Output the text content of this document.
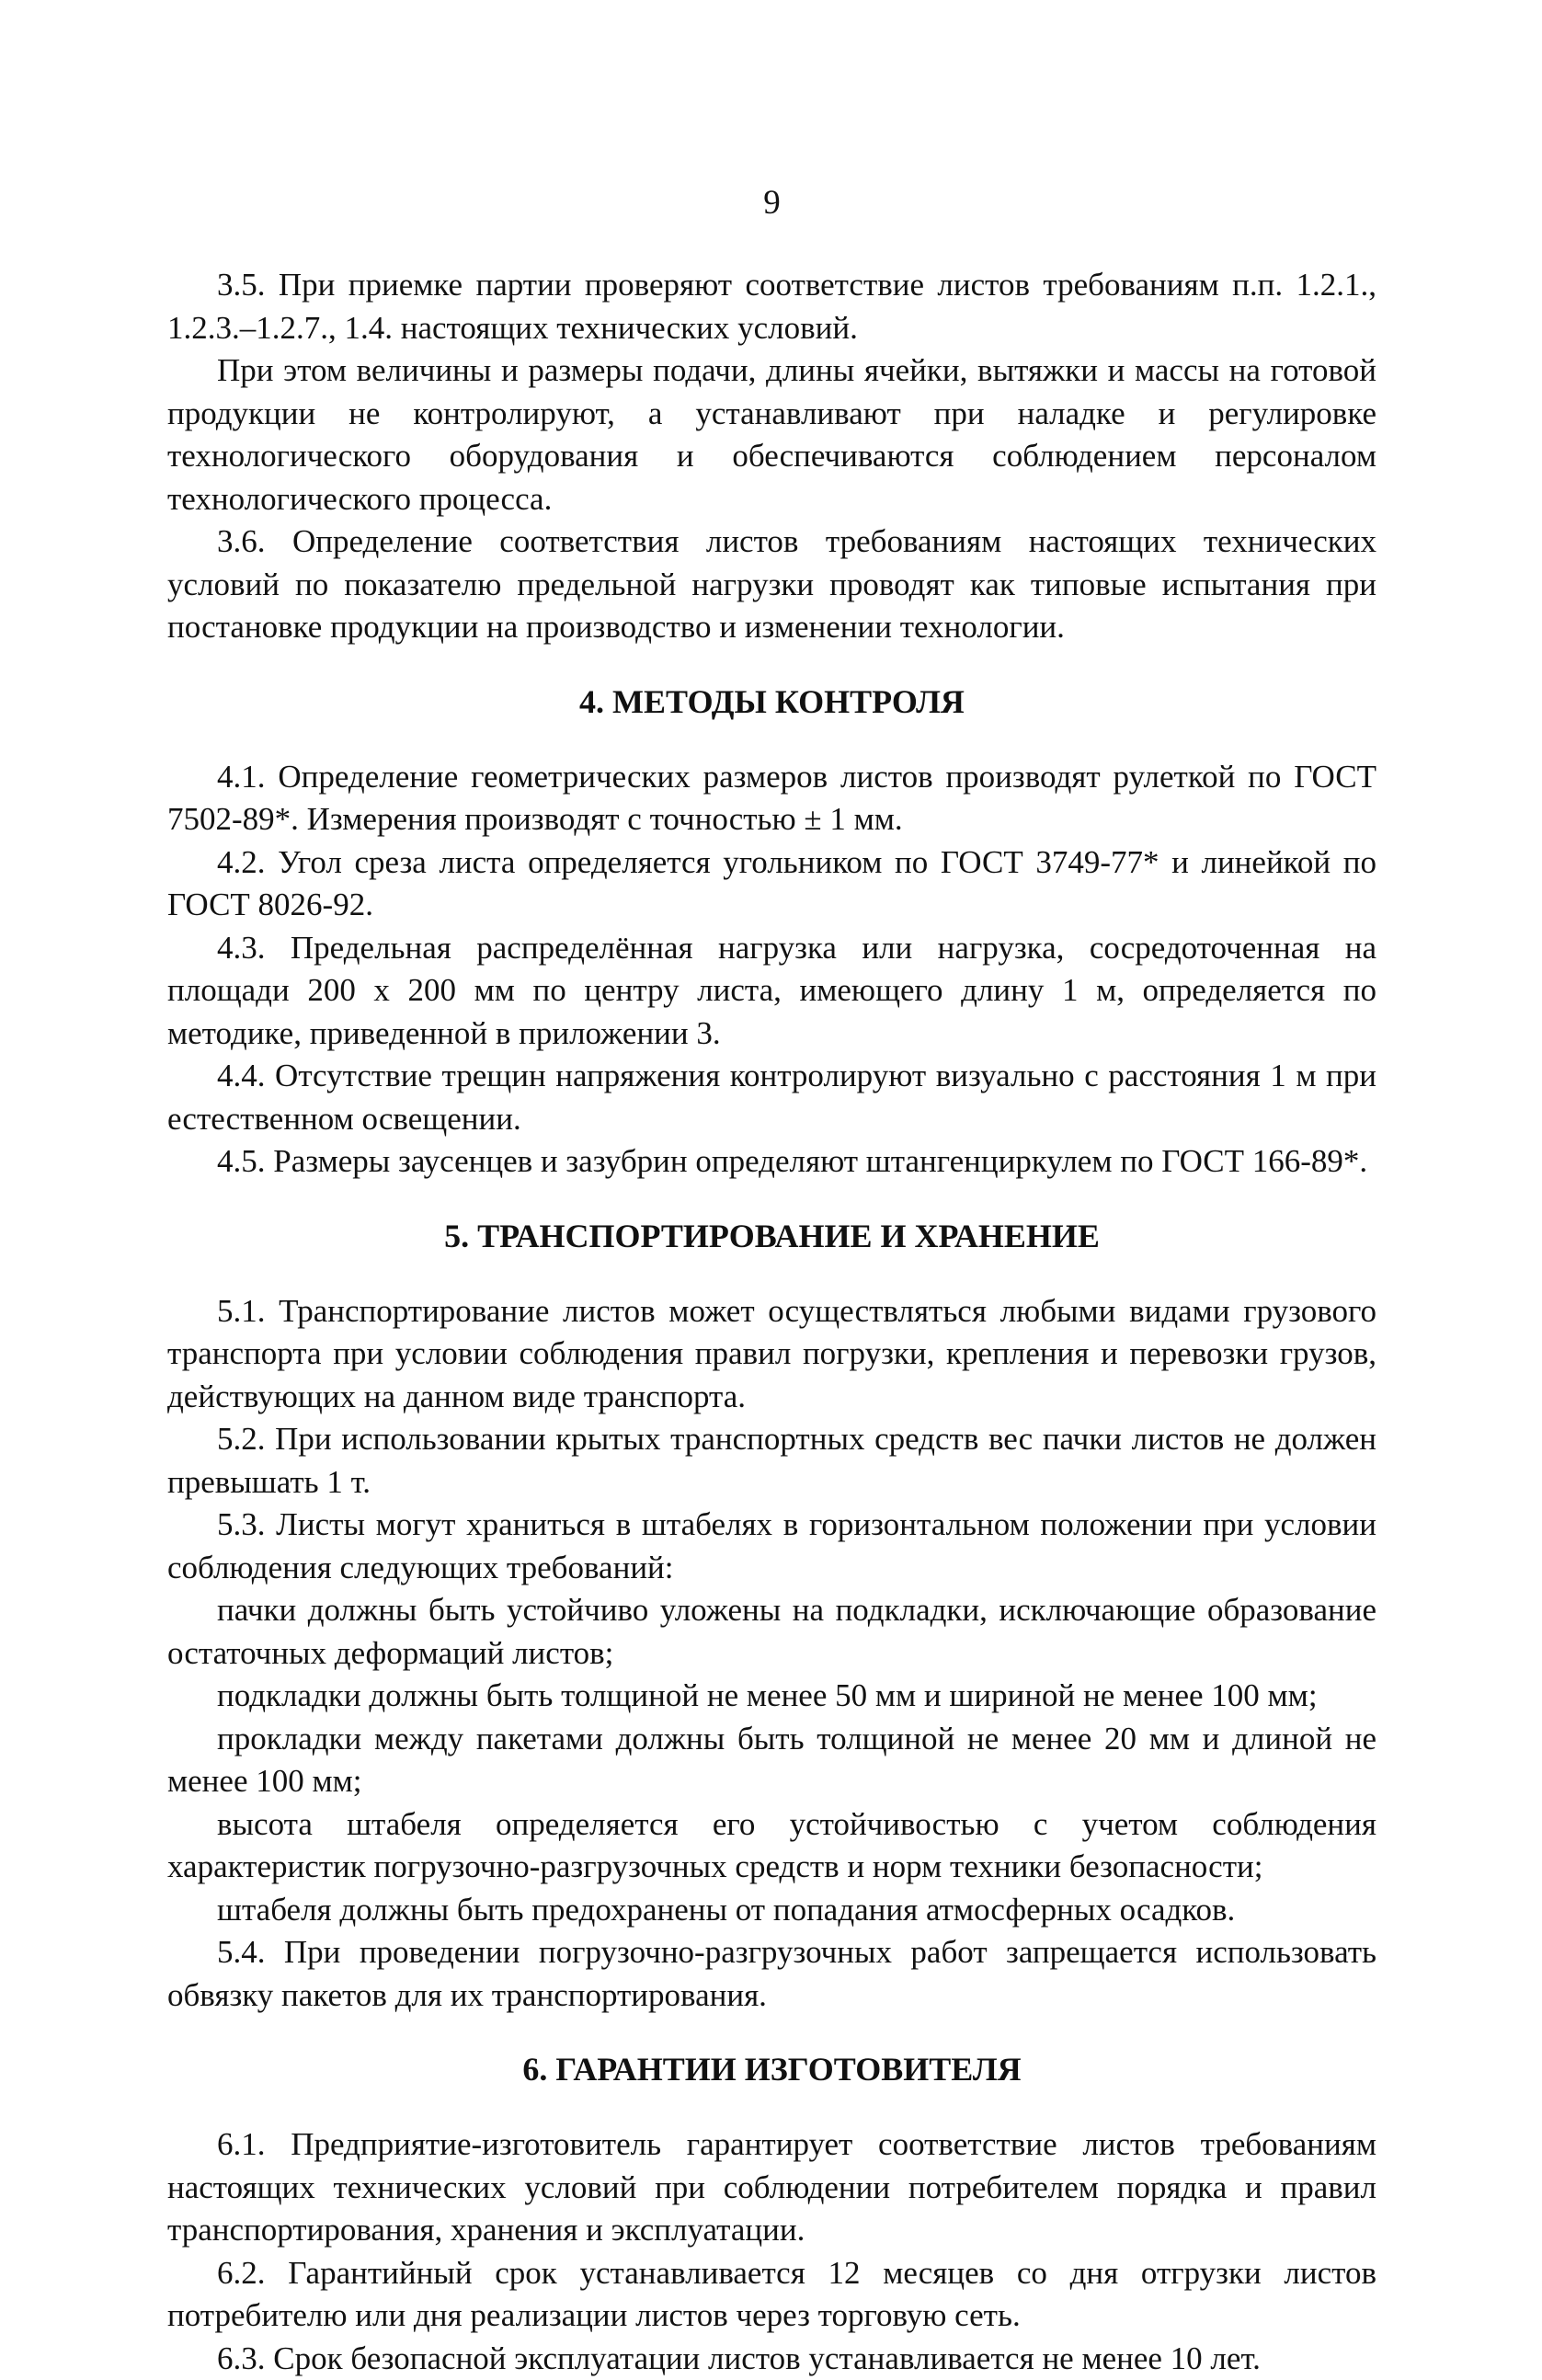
9

3.5. При приемке партии проверяют соответствие листов требованиям п.п. 1.2.1., 1.2.3.–1.2.7., 1.4. настоящих технических условий.

При этом величины и размеры подачи, длины ячейки, вытяжки и массы на готовой продукции не контролируют, а устанавливают при наладке и регулировке технологического оборудования и обеспечиваются соблюдением персоналом технологического процесса.

3.6. Определение соответствия листов требованиям настоящих технических условий по показателю предельной нагрузки проводят как типовые испытания при постановке продукции на производство и изменении технологии.

4. МЕТОДЫ КОНТРОЛЯ

4.1. Определение геометрических размеров листов производят рулеткой по ГОСТ 7502-89*. Измерения производят с точностью ± 1 мм.

4.2. Угол среза листа определяется угольником по ГОСТ 3749-77* и линейкой по ГОСТ 8026-92.

4.3. Предельная распределённая нагрузка или нагрузка, сосредоточенная на площади 200 х 200 мм по центру листа, имеющего длину 1 м, определяется по методике, приведенной в приложении 3.

4.4. Отсутствие трещин напряжения контролируют визуально с расстояния 1 м при естественном освещении.

4.5. Размеры заусенцев и зазубрин определяют штангенциркулем по ГОСТ 166-89*.

5. ТРАНСПОРТИРОВАНИЕ И ХРАНЕНИЕ

5.1. Транспортирование листов может осуществляться любыми видами грузового транспорта при условии соблюдения правил погрузки, крепления и перевозки грузов, действующих на данном виде транспорта.

5.2. При использовании крытых транспортных средств вес пачки листов не должен превышать 1 т.

5.3. Листы могут храниться в штабелях в горизонтальном положении при условии соблюдения следующих требований:

пачки должны быть устойчиво уложены на подкладки, исключающие образование остаточных деформаций листов;

подкладки должны быть толщиной не менее 50 мм и шириной не менее 100 мм;

прокладки между пакетами должны быть толщиной не менее 20 мм и длиной не менее 100 мм;

высота штабеля определяется его устойчивостью с учетом соблюдения характеристик погрузочно-разгрузочных средств и норм техники безопасности;

штабеля должны быть предохранены от попадания атмосферных осадков.

5.4. При проведении погрузочно-разгрузочных работ запрещается использовать обвязку пакетов для их транспортирования.

6. ГАРАНТИИ ИЗГОТОВИТЕЛЯ

6.1. Предприятие-изготовитель гарантирует соответствие листов требованиям настоящих технических условий при соблюдении потребителем порядка и правил транспортирования, хранения и эксплуатации.

6.2. Гарантийный срок устанавливается 12 месяцев со дня отгрузки листов потребителю или дня реализации листов через торговую сеть.

6.3. Срок безопасной эксплуатации листов устанавливается не менее 10 лет.
